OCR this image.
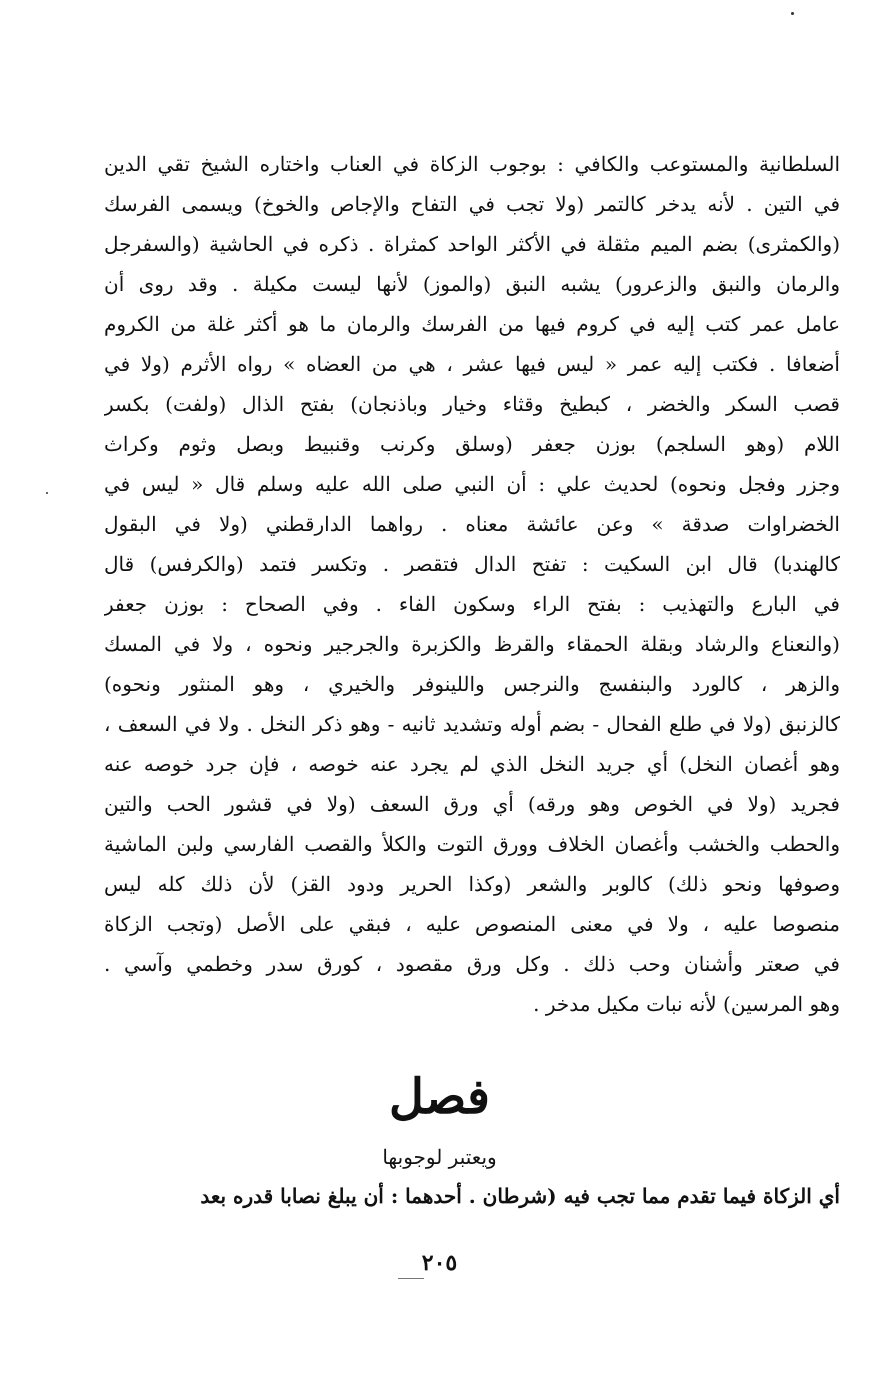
السلطانية والمستوعب والكافي : بوجوب الزكاة في العناب واختاره الشيخ تقي الدين
في التين . لأنه يدخر كالتمر (ولا تجب في التفاح والإجاص والخوخ) ويسمى الفرسك
(والكمثرى) بضم الميم مثقلة في الأكثر الواحد كمثراة . ذكره في الحاشية (والسفرجل
والرمان والنبق والزعرور) يشبه النبق (والموز) لأنها ليست مكيلة . وقد روى أن
عامل عمر كتب إليه في كروم فيها من الفرسك والرمان ما هو أكثر غلة من الكروم
أضعافا . فكتب إليه عمر « ليس فيها عشر ، هي من العضاه » رواه الأثرم (ولا في
قصب السكر والخضر ، كبطيخ وقثاء وخيار وباذنجان) بفتح الذال (ولفت) بكسر
اللام (وهو السلجم) بوزن جعفر (وسلق وكرنب وقنبيط وبصل وثوم وكراث
وجزر وفجل ونحوه) لحديث علي : أن النبي صلى الله عليه وسلم قال « ليس في
الخضراوات صدقة » وعن عائشة معناه . رواهما الدارقطني (ولا في البقول
كالهندبا) قال ابن السكيت : تفتح الدال فتقصر . وتكسر فتمد (والكرفس) قال
في البارع والتهذيب : بفتح الراء وسكون الفاء . وفي الصحاح : بوزن جعفر
(والنعناع والرشاد وبقلة الحمقاء والقرظ والكزبرة والجرجير ونحوه ، ولا في المسك
والزهر ، كالورد والبنفسج والنرجس واللينوفر والخيري ، وهو المنثور ونحوه)
كالزنبق (ولا في طلع الفحال - بضم أوله وتشديد ثانيه - وهو ذكر النخل . ولا في السعف ،
وهو أغصان النخل) أي جريد النخل الذي لم يجرد عنه خوصه ، فإن جرد خوصه عنه
فجريد (ولا في الخوص وهو ورقه) أي ورق السعف (ولا في قشور الحب والتين
والحطب والخشب وأغصان الخلاف وورق التوت والكلأ والقصب الفارسي ولبن الماشية
وصوفها ونحو ذلك) كالوبر والشعر (وكذا الحرير ودود القز) لأن ذلك كله ليس
منصوصا عليه ، ولا في معنى المنصوص عليه ، فبقي على الأصل (وتجب الزكاة
في صعتر وأشنان وحب ذلك . وكل ورق مقصود ، كورق سدر وخطمي وآسي .
وهو المرسين) لأنه نبات مكيل مدخر .
فصل
ويعتبر لوجوبها
أي الزكاة فيما تقدم مما تجب فيه (شرطان . أحدهما : أن يبلغ نصابا قدره بعد
٢٠٥
